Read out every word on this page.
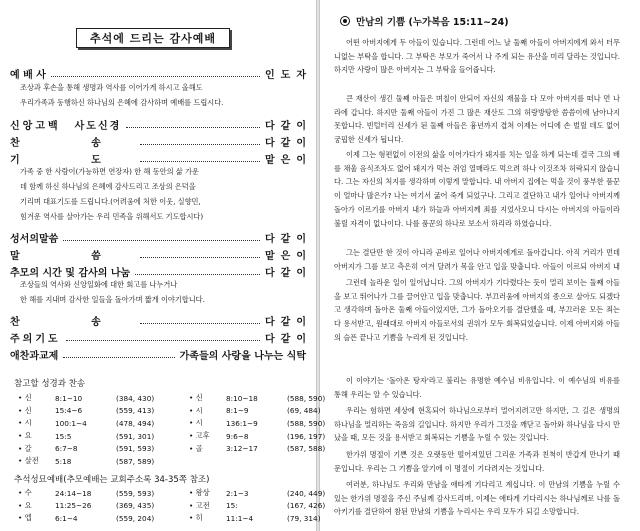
추석에 드리는 감사예배
예 배 사	인도자
조상과 후손을 통해 생명과 역사를 이어가게 하시고 올해도
우리가족과 동행하신 하나님의 은혜에 감사하며 예배를 드립시다.
신앙고백 사도신경	다같이
찬 송	다같이
기 도	맡은이
가족 중 한 사람이(가능하면 연장자) 한 해 동안의 삶 가운
데 함께 하신 하나님의 은혜에 감사드리고 조상의 은덕을
기리며 대표기도를 드립니다.(어려움에 처한 이웃, 실향민,
힘겨운 역사를 살아가는 우리 민족을 위해서도 기도합시다)
성서의말씀	다같이
말 씀	맡은이
추모의 시간 및 감사의 나눔	다같이
조상들의 역사와 신앙일화에 대한 회고를 나누거나
한 해를 지내며 감사한 일들을 돌아가며 짧게 이야기합니다.
찬 송	다같이
주의기도	다같이
애찬과교제	가족들의 사랑을 나누는 식탁
참고할 성경과 찬송
• 신	8:1~10	(384, 430)	• 신	8:10~18	(588, 590)
• 신	15:4~6	(559, 413)	• 시	8:1~9	(69, 484)
• 시	100:1~4	(478, 494)	• 시	136:1~9	(588, 590)
• 요	15:5	(591, 301)	• 고후	9:6~8	(196, 197)
• 갈	6:7~8	(591, 593)	• 골	3:12~17	(587, 588)
• 살전	5:18	(587, 589)			
추석성묘예배(추모예배는 교회주소록 34-35쪽 참조)
• 수	24:14~18	(559, 593)	• 왕상	2:1~3	(240, 449)
• 요	11:25~26	(369, 435)	• 고전	15:	(167, 426)
• 엡	6:1~4	(559, 204)	• 히	11:1~4	(79, 314)
만남의 기쁨 (누가복음 15:11~24)
어떤 아버지에게 두 아들이 있습니다. 그런데 어느 날 둘째 아들이 아버지에게 와서 터무니없는 부탁을 합니다. 그 부탁은 부모가 죽어서 나 주게 되는 유산을 미리 달라는 것입니다. 하지만 사랑이 많은 아버지는 그 부탁을 들어줍니다.
큰 재산이 생긴 둘째 아들은 며칠이 안되어 자신의 재물을 다 모아 아버지를 떠나 먼 나라에 갑니다. 하지만 둘째 아들이 가진 그 많은 재산도 그의 허랑방탕한 씀씀이에 남아나지 못합니다. 빈털터리 신세가 된 둘째 아들은 흉년까지 겹쳐 이제는 어디에 손 벌릴 데도 없어 궁핍한 신세가 됩니다.
이제 그는 형편없이 이전의 삶을 이어가다가 돼지를 치는 일을 하게 되는데 결국 그의 배를 채울 음식조차도 없어 돼지가 먹는 쥐엄 열매라도 먹으려 하나 이것조차 허락되지 않습니다. 그는 자신의 처지를 생각하며 이렇게 말합니다. 내 아버지 집에는 먹을 것이 풍부한 품꾼이 얼마나 많은가? 나는 여기서 굶어 죽게 되었구나. 그리고 결단하고 내가 일어나 아버지께 돌아가 이르기를 아버지 내가 하늘과 아버지께 죄를 지었사오니 다시는 아버지의 아들이라 불릴 자격이 없나이다. 나를 품꾼의 하나로 보소서 하리라 하였습니다.
그는 결단만 한 것이 아니라 곧바로 일어나 아버지에게로 돌아갑니다. 아직 거리가 먼데 아버지가 그를 보고 측은히 여겨 달려가 목을 안고 입을 맞춥니다. 아들이 이르되 아버지 내
그런데 놀라운 일이 일어납니다. 그의 아버지가 기다렸다는 듯이 멀리 보이는 둘째 아들을 보고 뛰어나가 그를 끌어안고 입을 맞춥니다. 부끄러움에 아버지의 종으로 살아도 되겠다고 생각하며 돌아온 둘째 아들이었지만, 그가 돌아오기를 결단했을 때, 부끄러운 모든 죄는 다 용서받고, 원래대로 아버지 아들로서의 권위가 모두 회복되었습니다. 이제 아버지와 아들의 슬픈 끝나고 기쁨을 누리게 된 것입니다.
이 이야기는 '돌아온 탕자'라고 불리는 유명한 예수님 비유입니다. 이 예수님의 비유를 통해 우리는 알 수 있습니다.
우리는 험하면 세상에 현혹되어 하나님으로부터 멀어지려고만 하지만, 그 길은 생명의 하나님을 멀리하는 죽음의 길입니다. 하지만 우리가 그것을 깨닫고 돌아와 하나님을 다시 만났을 때, 모든 것을 용서받고 회복되는 기쁨을 누릴 수 있는 것입니다.
한가위 명절이 기쁜 것은 오랫동안 떨어져있던 그리운 가족과 친척이 반갑게 만나기 때문입니다. 우리는 그 기쁨을 알기에 이 명절이 기다려지는 것입니다.
여러분, 하나님도 우리와 만남을 애타게 기다리고 계십니다. 이 만남의 기쁨을 누릴 수 있는 한가위 명절을 주신 주님께 감사드리며, 이제는 애타게 기다리시는 하나님께로 나를 돌아키기를 결단하여 참된 만남의 기쁨을 누리시는 우리 모두가 되길 소망합니다.
